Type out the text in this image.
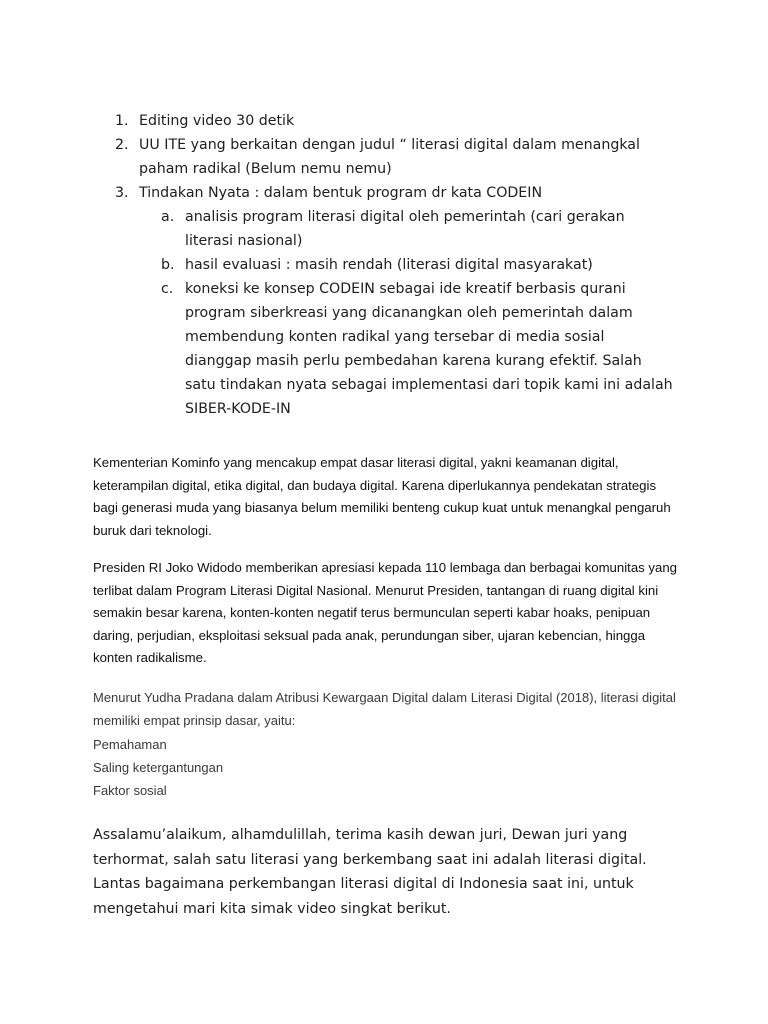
1. Editing video 30 detik
2. UU ITE yang berkaitan dengan judul “ literasi digital dalam menangkal paham radikal (Belum nemu nemu)
3. Tindakan Nyata : dalam bentuk program dr kata CODEIN
a. analisis program literasi digital oleh pemerintah (cari gerakan literasi nasional)
b. hasil evaluasi : masih rendah (literasi digital masyarakat)
c. koneksi ke konsep CODEIN sebagai ide kreatif berbasis qurani program siberkreasi yang dicanangkan oleh pemerintah dalam membendung konten radikal yang tersebar di media sosial dianggap masih perlu pembedahan karena kurang efektif. Salah satu tindakan nyata sebagai implementasi dari topik kami ini adalah SIBER-KODE-IN
Kementerian Kominfo yang mencakup empat dasar literasi digital, yakni keamanan digital, keterampilan digital, etika digital, dan budaya digital. Karena diperlukannya pendekatan strategis bagi generasi muda yang biasanya belum memiliki benteng cukup kuat untuk menangkal pengaruh buruk dari teknologi.
Presiden RI Joko Widodo memberikan apresiasi kepada 110 lembaga dan berbagai komunitas yang terlibat dalam Program Literasi Digital Nasional. Menurut Presiden, tantangan di ruang digital kini semakin besar karena, konten-konten negatif terus bermunculan seperti kabar hoaks, penipuan daring, perjudian, eksploitasi seksual pada anak, perundungan siber, ujaran kebencian, hingga konten radikalisme.
Menurut Yudha Pradana dalam Atribusi Kewargaan Digital dalam Literasi Digital (2018), literasi digital memiliki empat prinsip dasar, yaitu:
Pemahaman
Saling ketergantungan
Faktor sosial
Assalamu’alaikum, alhamdulillah, terima kasih dewan juri, Dewan juri yang terhormat, salah satu literasi yang berkembang saat ini adalah literasi digital. Lantas bagaimana perkembangan literasi digital di Indonesia saat ini, untuk mengetahui mari kita simak video singkat berikut.
